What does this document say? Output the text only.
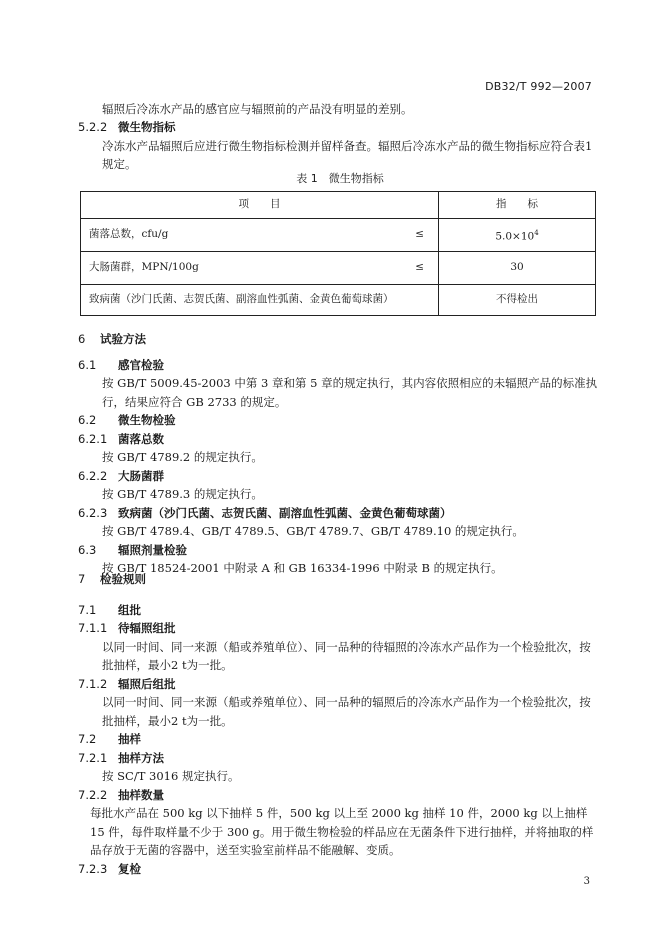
DB32/T 992—2007
辐照后冷冻水产品的感官应与辐照前的产品没有明显的差别。
5.2.2 微生物指标
冷冻水产品辐照后应进行微生物指标检测并留样备查。辐照后冷冻水产品的微生物指标应符合表1规定。
表 1　微生物指标
项　　目		指　　标
菌落总数，cfu/g	≤	$5.0\times 10^4$
大肠菌群，MPN/100g	≤	30
致病菌（沙门氏菌、志贺氏菌、副溶血性弧菌、金黄色葡萄球菌）		不得检出
6 试验方法
6.1 感官检验
按 GB/T 5009.45-2003 中第 3 章和第 5 章的规定执行，其内容依照相应的未辐照产品的标准执行，结果应符合 GB 2733 的规定。
6.2 微生物检验
6.2.1 菌落总数
按 GB/T 4789.2 的规定执行。
6.2.2 大肠菌群
按 GB/T 4789.3 的规定执行。
6.2.3 致病菌（沙门氏菌、志贺氏菌、副溶血性弧菌、金黄色葡萄球菌）
按 GB/T 4789.4、GB/T 4789.5、GB/T 4789.7、GB/T 4789.10 的规定执行。
6.3 辐照剂量检验
按 GB/T 18524-2001 中附录 A 和 GB 16334-1996 中附录 B 的规定执行。
7 检验规则
7.1 组批
7.1.1 待辐照组批
以同一时间、同一来源（船或养殖单位）、同一品种的待辐照的冷冻水产品作为一个检验批次，按批抽样，最小2 t为一批。
7.1.2 辐照后组批
以同一时间、同一来源（船或养殖单位）、同一品种的辐照后的冷冻水产品作为一个检验批次，按批抽样，最小2 t为一批。
7.2 抽样
7.2.1 抽样方法
按 SC/T 3016 规定执行。
7.2.2 抽样数量
每批水产品在 500 kg 以下抽样 5 件，500 kg 以上至 2000 kg 抽样 10 件，2000 kg 以上抽样 15 件，每件取样量不少于 300 g。用于微生物检验的样品应在无菌条件下进行抽样，并将抽取的样品存放于无菌的容器中，送至实验室前样品不能融解、变质。
7.2.3 复检
3
